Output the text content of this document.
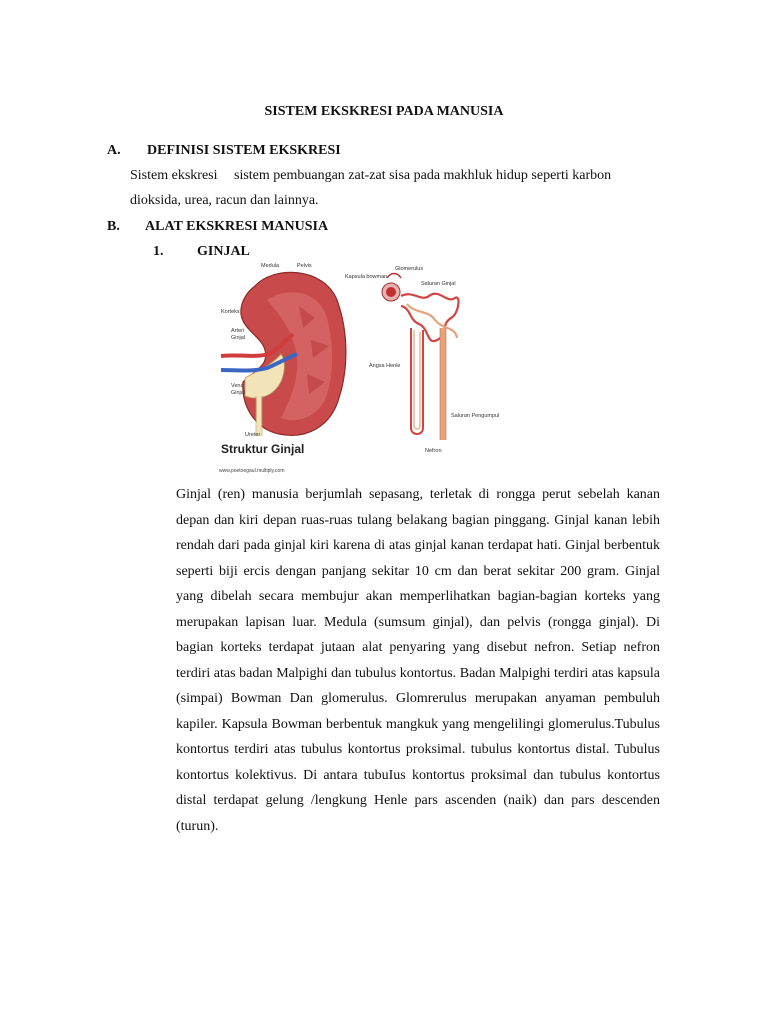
SISTEM EKSKRESI PADA MANUSIA
A. DEFINISI SISTEM EKSKRESI
Sistem ekskresi sistem pembuangan zat-zat sisa pada makhluk hidup seperti karbon
dioksida, urea, racun dan lainnya.
B. ALAT EKSKRESI MANUSIA
1. GINJAL
Medula	Pelvis
Korteks
Arteri
Ginjal
Vena
Ginjal
Ureter
Glomerulus
Kapsula bowman
Saluran Ginjal
Angsa Henle
Saluran Pengumpul
Nefron
Struktur Ginjal
www.poetoegaul.multiply.com

Ginjal (ren) manusia berjumlah sepasang, terletak di rongga perut sebelah kanan depan dan kiri depan ruas-ruas tulang belakang bagian pinggang. Ginjal kanan lebih rendah dari pada ginjal kiri karena di atas ginjal kanan terdapat hati. Ginjal berbentuk seperti biji ercis dengan panjang sekitar 10 cm dan berat sekitar 200 gram. Ginjal yang dibelah secara membujur akan memperlihatkan bagian-bagian korteks yang merupakan lapisan luar. Medula (sumsum ginjal), dan pelvis (rongga ginjal). Di bagian korteks terdapat jutaan alat penyaring yang disebut nefron. Setiap nefron terdiri atas badan Malpighi dan tubulus kontortus. Badan Malpighi terdiri atas kapsula (simpai) Bowman Dan glomerulus. Glomrerulus merupakan anyaman pembuluh kapiler. Kapsula Bowman berbentuk mangkuk yang mengelilingi glomerulus.Tubulus kontortus terdiri atas tubulus kontortus proksimal. tubulus kontortus distal. Tubulus kontortus kolektivus. Di antara tubuIus kontortus proksimal dan tubulus kontortus distal terdapat gelung /lengkung Henle pars ascenden (naik) dan pars descenden (turun).
